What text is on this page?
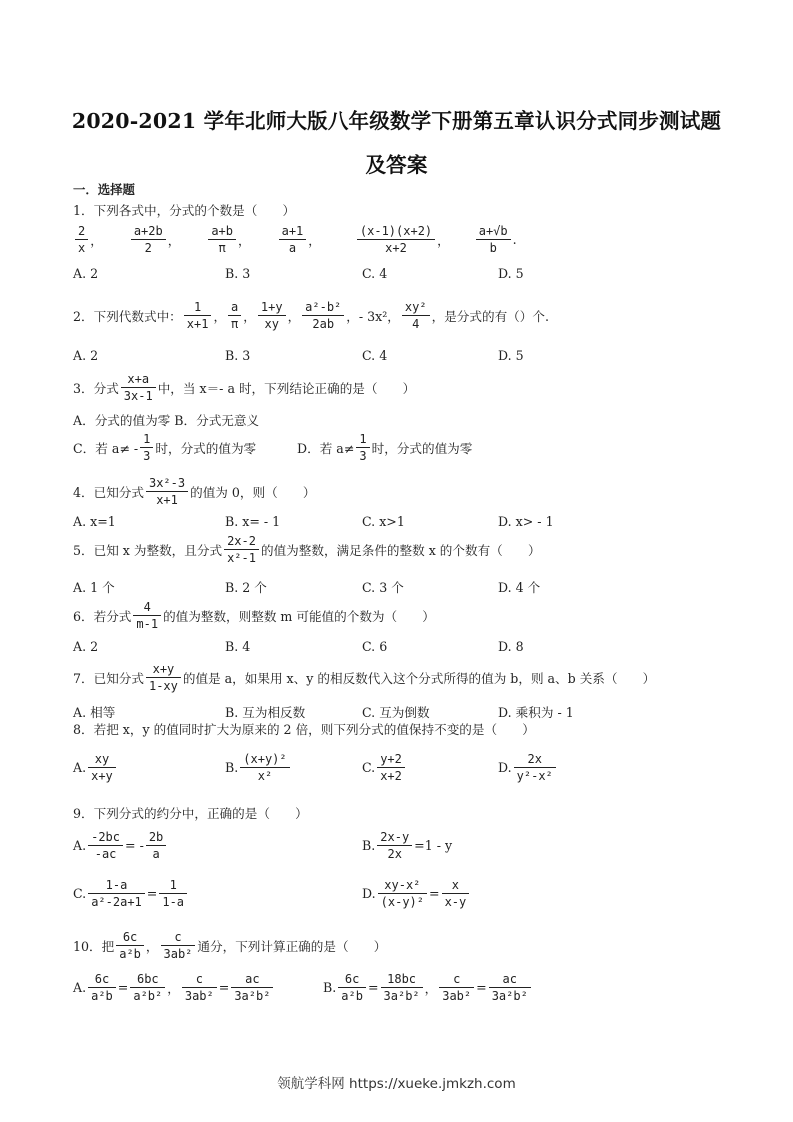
2020-2021 学年北师大版八年级数学下册第五章认识分式同步测试题
及答案
一．选择题
1．下列各式中，分式的个数是（　　）
$\frac{2}{x}$ ， $\frac{a+2b}{2}$ ， $\frac{a+b}{\pi}$ ， $\frac{a+1}{a}$ ，	$\frac{(x-1)(x+2)}{x+2}$ ， $\frac{a+√b}{b}$ .
A. 2	B. 3	C. 4	D. 5
2．下列代数式中： $\frac{1}{x+1}$ ， $\frac{a}{\pi}$ ， $\frac{1+y}{xy}$ ， $\frac{\text{a²-b²}}{2ab}$ ，- 3x²， $\frac{\text{xy²}}{4}$ ，是分式的有（）个.
A. 2	B. 3	C. 4	D. 5
3．分式 $\frac{x+a}{3x-1}$ 中，当 x＝- a 时，下列结论正确的是（　　）
A．分式的值为零 B．分式无意义
C．若 $a\ne - \frac{1}{3}$ 时，分式的值为零	D．若 $a\ne \frac{1}{3}$ 时，分式的值为零
4．已知分式 $\frac{\text{3x²-3}}{x+1}$ 的值为 0，则（　　）
A. x=1	B. x= - 1	C. x>1	D. x> - 1
5．已知 x 为整数，且分式 $\frac{2x-2}{\text{x²-1}}$ 的值为整数，满足条件的整数 x 的个数有（　　）
A. 1 个	B. 2 个	C. 3 个	D. 4 个
6．若分式 $\frac{4}{m-1}$ 的值为整数，则整数 m 可能值的个数为（　　）
A. 2	B. 4	C. 6	D. 8
7．已知分式 $\frac{x+y}{1-xy}$ 的值是 a，如果用 x、y 的相反数代入这个分式所得的值为 b，则 a、b 关系（　　）
A. 相等	B. 互为相反数	C. 互为倒数	D. 乘积为 - 1
8．若把 x，y 的值同时扩大为原来的 2 倍，则下列分式的值保持不变的是（　　）
A. $\frac{xy}{x+y}$	B. $\frac{\text{(x+y)²}}{\text{x²}}$	C. $\frac{y+2}{x+2}$	D. $\frac{2x}{\text{y²-x²}}$
9．下列分式的约分中，正确的是（　　）
A. $\frac{-2bc}{-ac}$ = - $\frac{2b}{a}$	B. $\frac{2x-y}{2x} =1 - y$
C. $\frac{1-a}{\text{a²-2a+1}} = \frac{1}{1-a}$	D. $\frac{\text{xy-x²}}{\text{(x-y)²}} = \frac{x}{x-y}$
10．把 $\frac{6c}{\text{a²b}}$ ， $\frac{c}{\text{3ab²}}$ 通分，下列计算正确的是（　　）
A. $\frac{6c}{\text{a²b}} = \frac{6bc}{\text{a²b²}}$ ， $\frac{c}{\text{3ab²}} = \frac{ac}{\text{3a²b²}}$	B. $\frac{6c}{\text{a²b}} = \frac{18bc}{\text{3a²b²}}$ ， $\frac{c}{\text{3ab²}} = \frac{ac}{\text{3a²b²}}$
领航学科网 https://xueke.jmkzh.com
